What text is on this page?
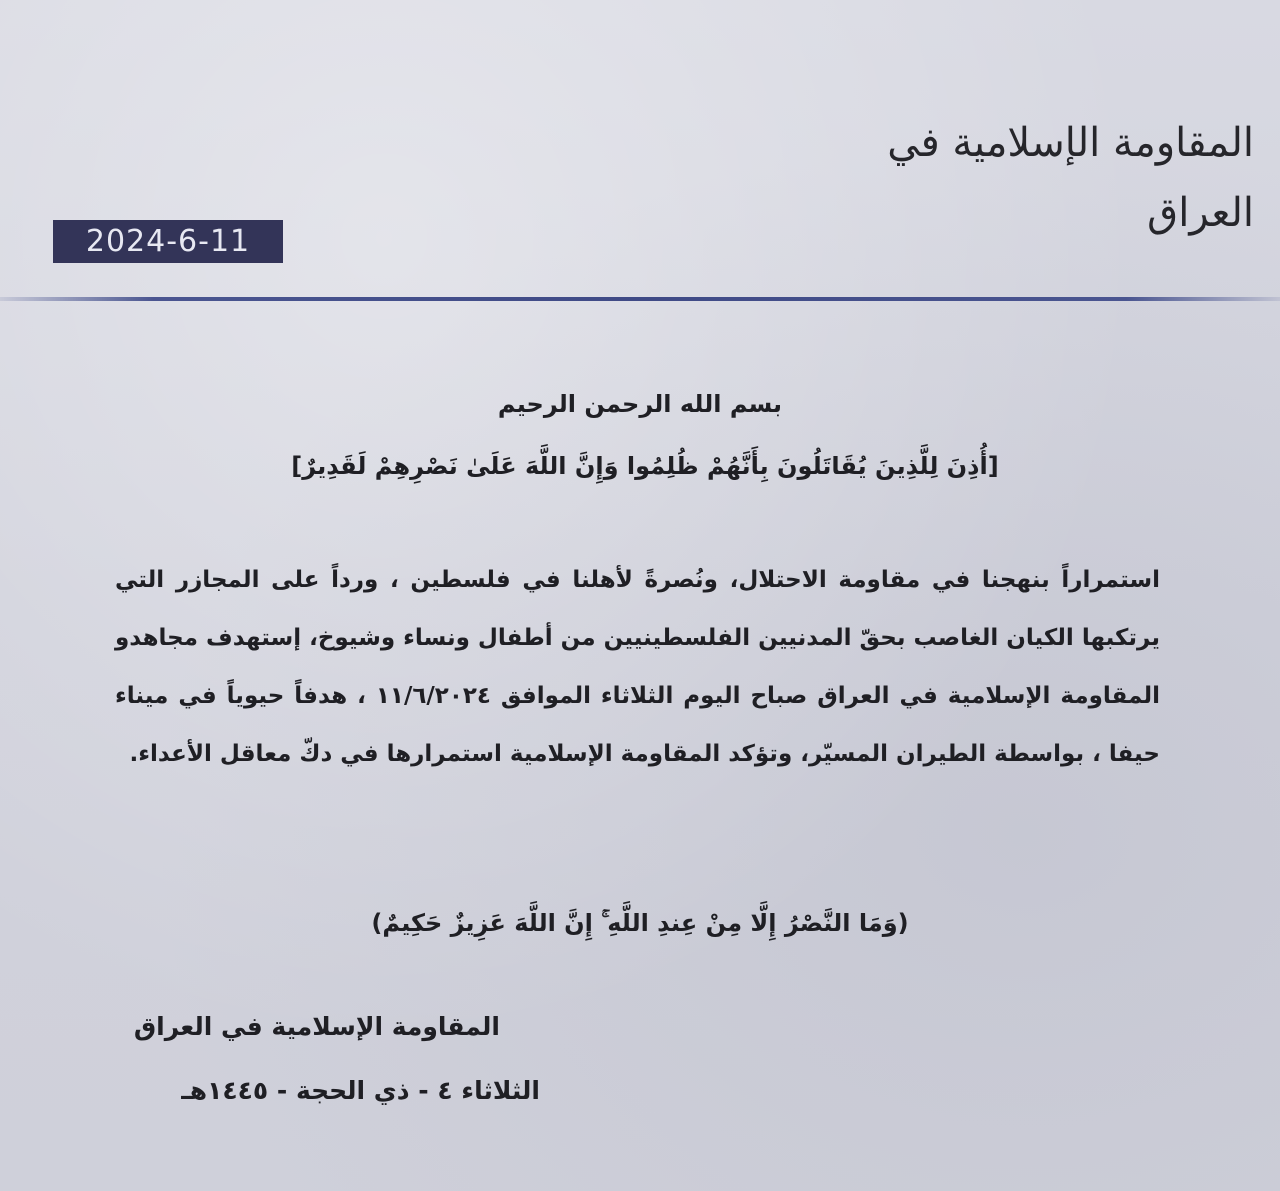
المقاومة الإسلامية في العراق
2024-6-11
بسم الله الرحمن الرحيم
[أُذِنَ لِلَّذِينَ يُقَاتَلُونَ بِأَنَّهُمْ ظُلِمُوا وَإِنَّ اللَّهَ عَلَىٰ نَصْرِهِمْ لَقَدِيرٌ]

استمراراً بنهجنا في مقاومة الاحتلال، ونُصرةً لأهلنا في فلسطين ، ورداً على المجازر التي يرتكبها الكيان الغاصب بحقّ المدنيين الفلسطينيين من أطفال ونساء وشيوخ، إستهدف مجاهدو المقاومة الإسلامية في العراق صباح اليوم الثلاثاء الموافق ١١/٦/٢٠٢٤ ، هدفاً حيوياً في ميناء حيفا ، بواسطة الطيران المسيّر، وتؤكد المقاومة الإسلامية استمرارها في دكّ معاقل الأعداء.

(وَمَا النَّصْرُ إِلَّا مِنْ عِندِ اللَّهِ ۚ إِنَّ اللَّهَ عَزِيزٌ حَكِيمٌ)
المقاومة الإسلامية في العراق
الثلاثاء ٤ - ذي الحجة - ١٤٤٥هـ
